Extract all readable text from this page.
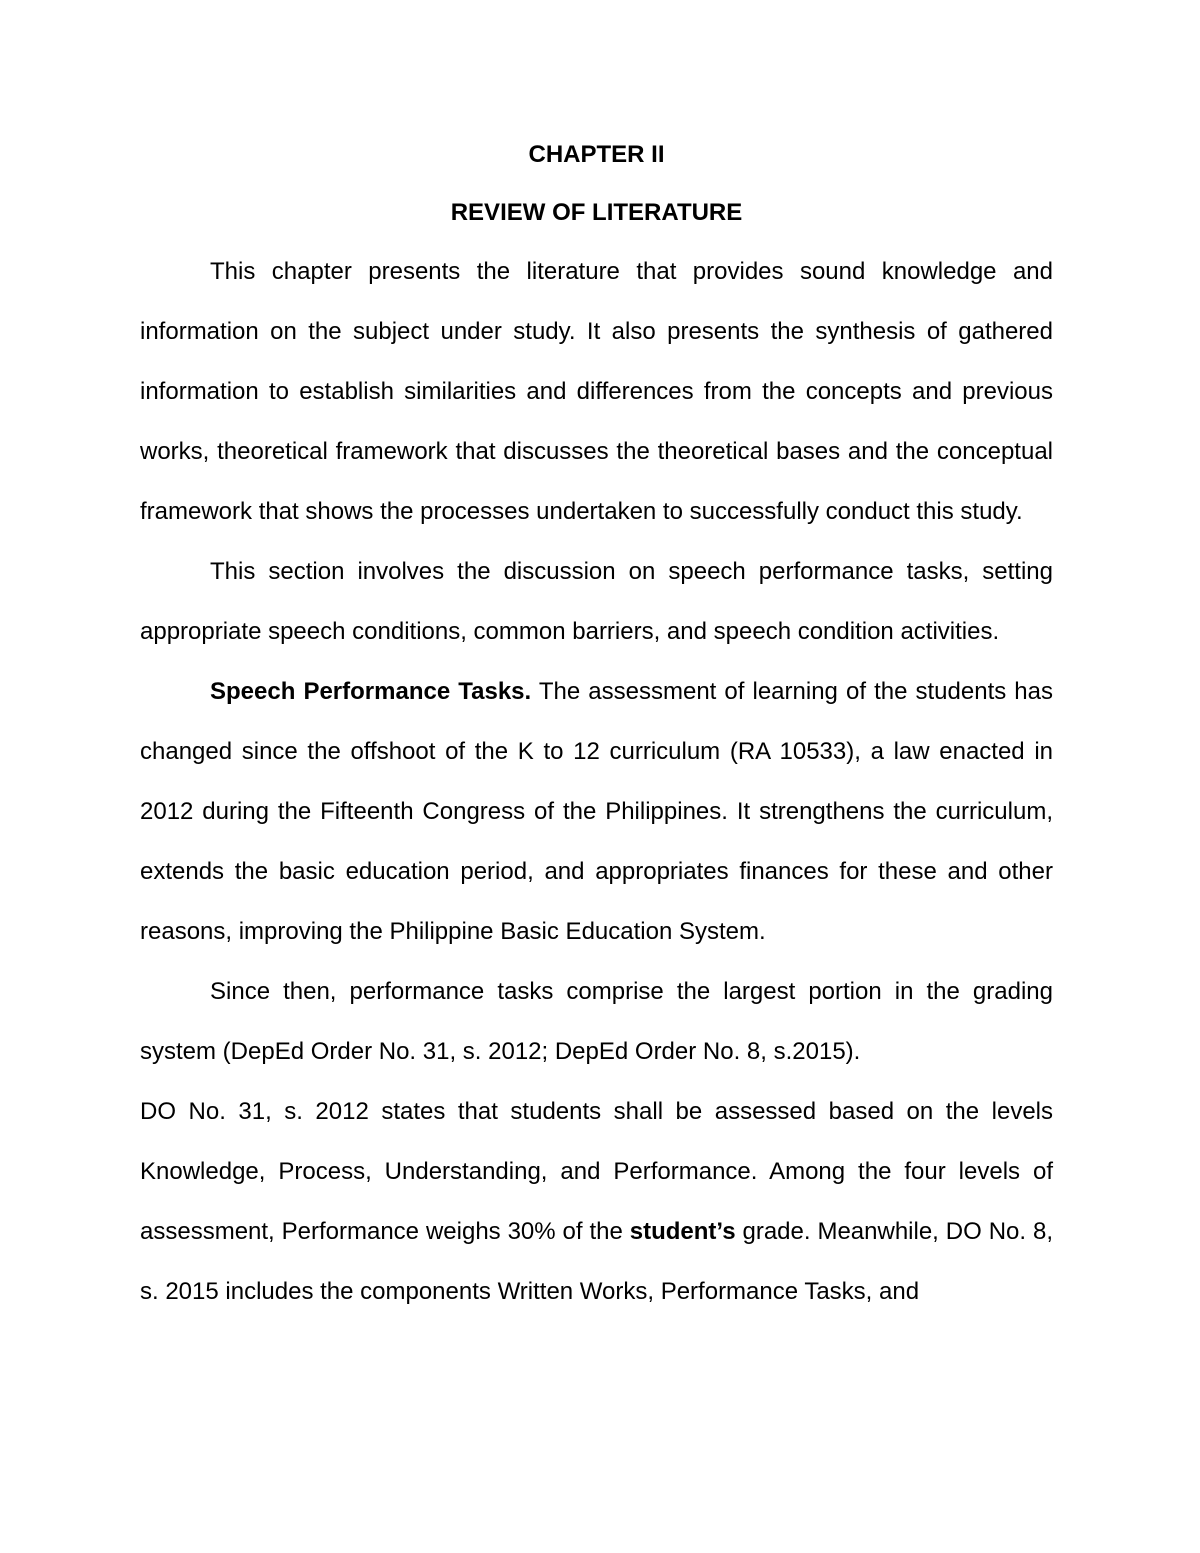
CHAPTER II

REVIEW OF LITERATURE

This chapter presents the literature that provides sound knowledge and information on the subject under study. It also presents the synthesis of gathered information to establish similarities and differences from the concepts and previous works, theoretical framework that discusses the theoretical bases and the conceptual framework that shows the processes undertaken to successfully conduct this study.

This section involves the discussion on speech performance tasks, setting appropriate speech conditions, common barriers, and speech condition activities.

Speech Performance Tasks. The assessment of learning of the students has changed since the offshoot of the K to 12 curriculum (RA 10533), a law enacted in 2012 during the Fifteenth Congress of the Philippines. It strengthens the curriculum, extends the basic education period, and appropriates finances for these and other reasons, improving the Philippine Basic Education System.

Since then, performance tasks comprise the largest portion in the grading system (DepEd Order No. 31, s. 2012; DepEd Order No. 8, s.2015).

DO No. 31, s. 2012 states that students shall be assessed based on the levels Knowledge, Process, Understanding, and Performance. Among the four levels of assessment, Performance weighs 30% of the student’s grade. Meanwhile, DO No. 8, s. 2015 includes the components Written Works, Performance Tasks, and
